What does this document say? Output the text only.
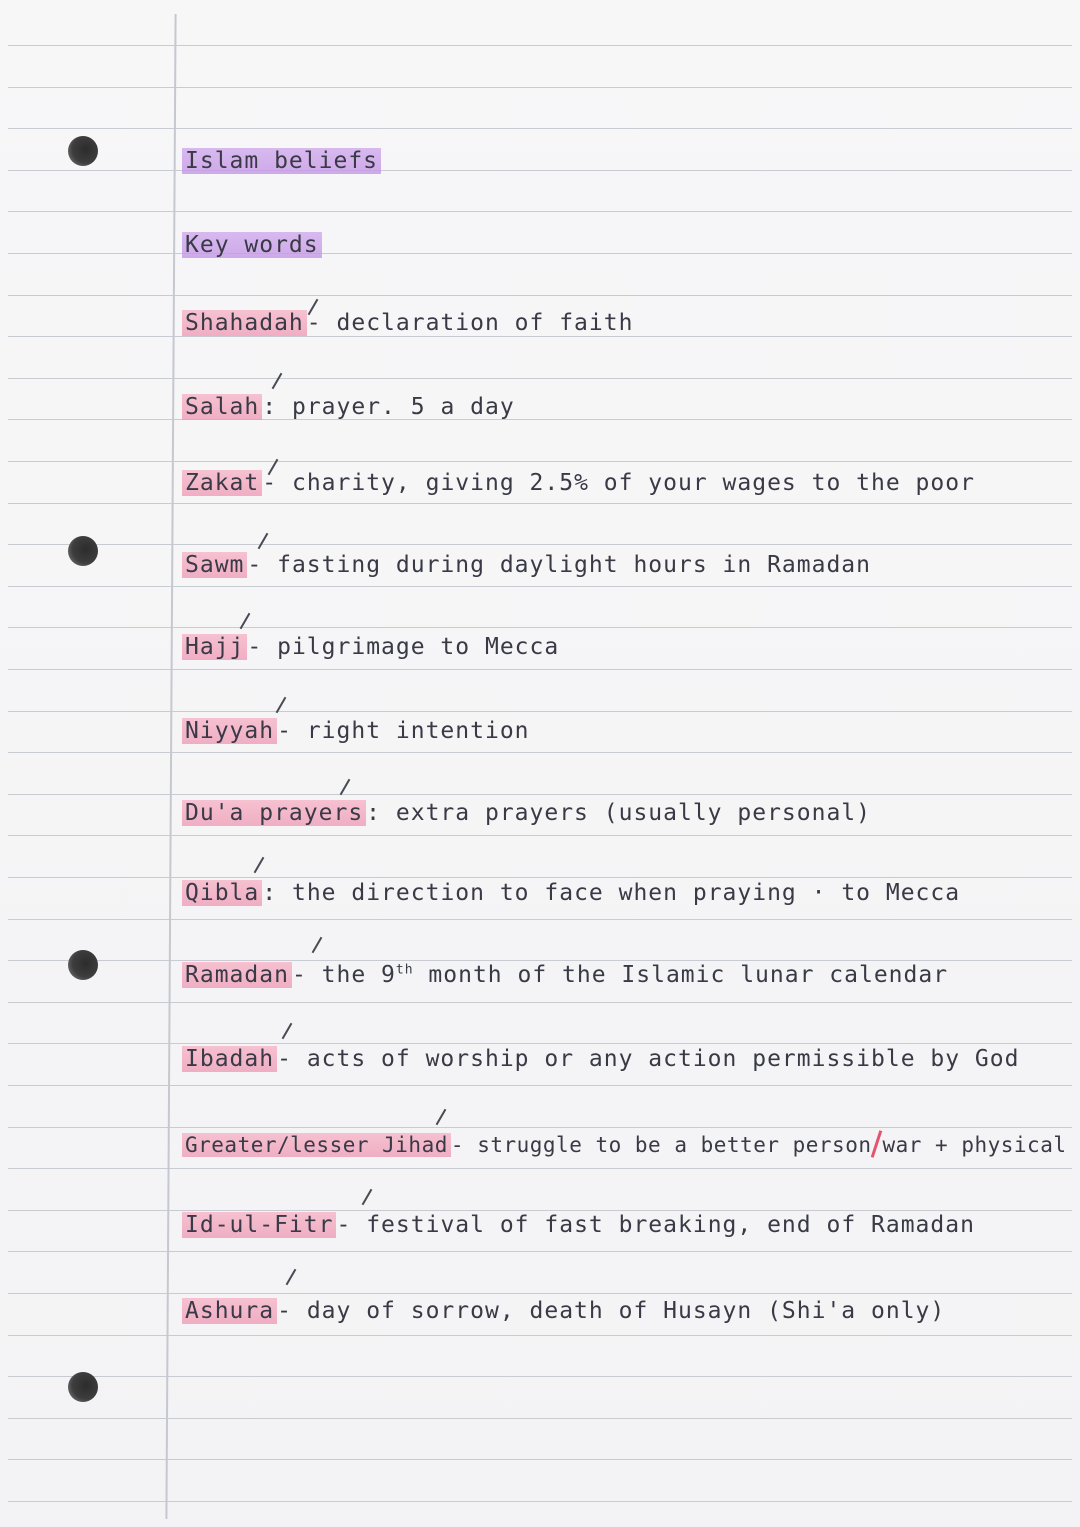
Islam beliefs
Key words
Shahadah - declaration of faith
Salah : prayer. 5 a day
Zakat - charity, giving 2.5% of your wages to the poor
Sawm - fasting during daylight hours in Ramadan
Hajj - pilgrimage to Mecca
Niyyah - right intention
Du'a prayers : extra prayers (usually personal)
Qibla : the direction to face when praying · to Mecca
Ramadan - the 9th month of the Islamic lunar calendar
Ibadah - acts of worship or any action permissible by God
Greater/lesser Jihad - struggle to be a better person war + physical
Id-ul-Fitr - festival of fast breaking, end of Ramadan
Ashura - day of sorrow, death of Husayn (Shi'a only)
